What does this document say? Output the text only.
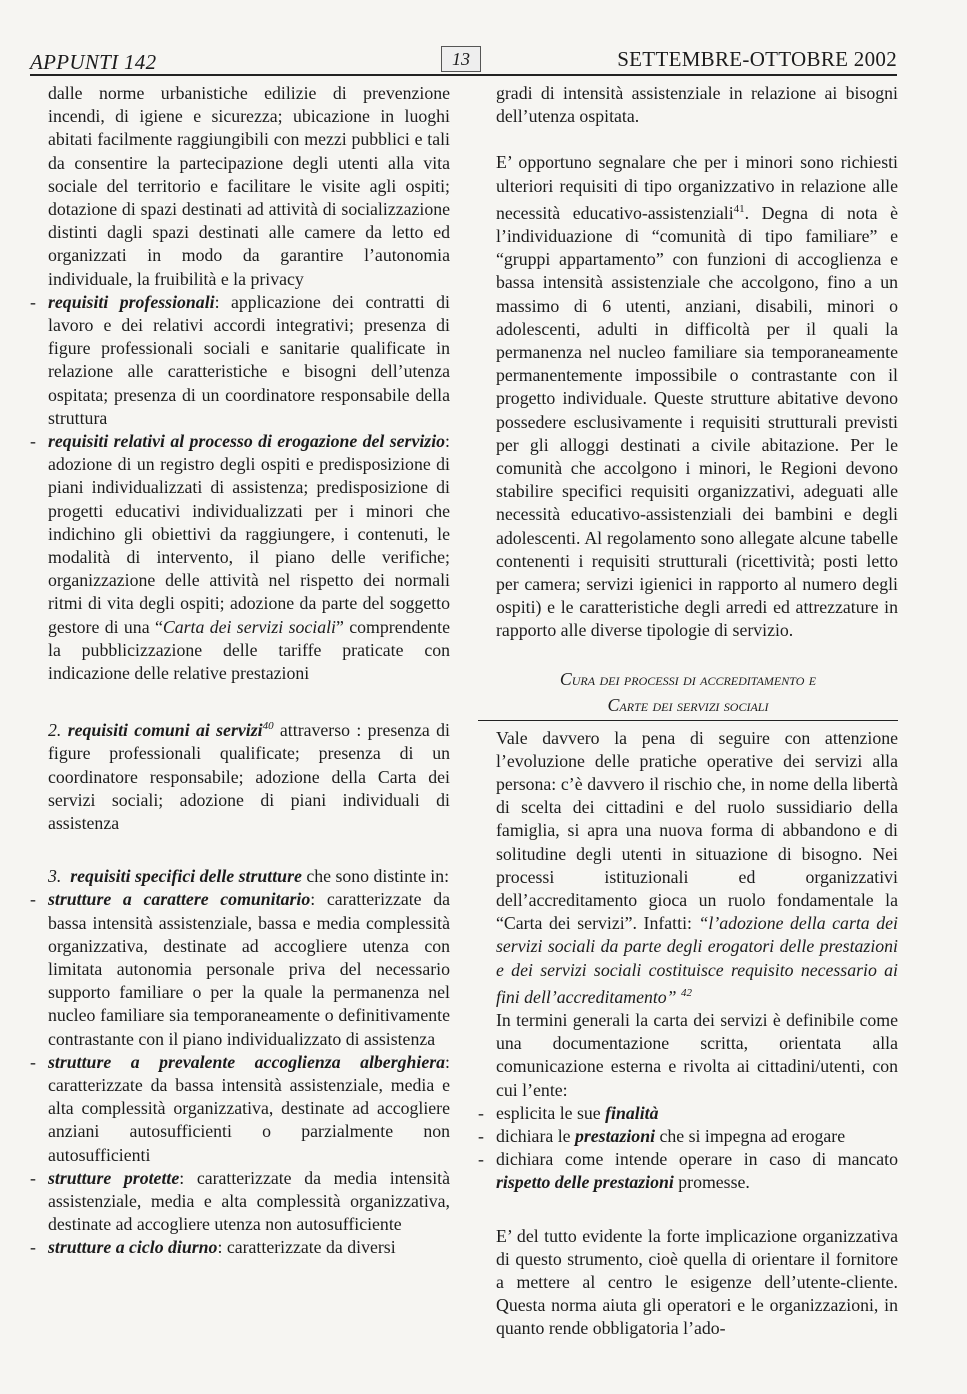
APPUNTI 142	13	SETTEMBRE-OTTOBRE 2002

dalle norme urbanistiche edilizie di prevenzione incendi, di igiene e sicurezza; ubicazione in luoghi abitati facilmente raggiungibili con mezzi pubblici e tali da consentire la partecipazione degli utenti alla vita sociale del territorio e facilitare le visite agli ospiti; dotazione di spazi destinati ad attività di socializzazione distinti dagli spazi destinati alle camere da letto ed organizzati in modo da garantire l’autonomia individuale, la fruibilità e la privacy

- requisiti professionali: applicazione dei contratti di lavoro e dei relativi accordi integrativi; presenza di figure professionali sociali e sanitarie qualificate in relazione alle caratteristiche e bisogni dell’utenza ospitata; presenza di un coordinatore responsabile della struttura
- requisiti relativi al processo di erogazione del servizio: adozione di un registro degli ospiti e predisposizione di piani individualizzati di assistenza; predisposizione di progetti educativi individualizzati per i minori che indichino gli obiettivi da raggiungere, i contenuti, le modalità di intervento, il piano delle verifiche; organizzazione delle attività nel rispetto dei normali ritmi di vita degli ospiti; adozione da parte del soggetto gestore di una “Carta dei servizi sociali” comprendente la pubblicizzazione delle tariffe praticate con indicazione delle relative prestazioni

2. requisiti comuni ai servizi$^{40}$ attraverso : presenza di figure professionali qualificate; presenza di un coordinatore responsabile; adozione della Carta dei servizi sociali; adozione di piani individuali di assistenza

3. requisiti specifici delle strutture che sono distinte in:

- strutture a carattere comunitario: caratterizzate da bassa intensità assistenziale, bassa e media complessità organizzativa, destinate ad accogliere utenza con limitata autonomia personale priva del necessario supporto familiare o per la quale la permanenza nel nucleo familiare sia temporaneamente o definitivamente contrastante con il piano individualizzato di assistenza
- strutture a prevalente accoglienza alberghiera: caratterizzate da bassa intensità assistenziale, media e alta complessità organizzativa, destinate ad accogliere anziani autosufficienti o parzialmente non autosufficienti
- strutture protette: caratterizzate da media intensità assistenziale, media e alta complessità organizzativa, destinate ad accogliere utenza non autosufficiente
- strutture a ciclo diurno: caratterizzate da diversi

gradi di intensità assistenziale in relazione ai bisogni dell’utenza ospitata.

E’ opportuno segnalare che per i minori sono richiesti ulteriori requisiti di tipo organizzativo in relazione alle necessità educativo-assistenziali$^{41}$. Degna di nota è l’individuazione di “comunità di tipo familiare” e “gruppi appartamento” con funzioni di accoglienza e bassa intensità assistenziale che accolgono, fino a un massimo di 6 utenti, anziani, disabili, minori o adolescenti, adulti in difficoltà per il quali la permanenza nel nucleo familiare sia temporaneamente permanentemente impossibile o contrastante con il progetto individuale. Queste strutture abitative devono possedere esclusivamente i requisiti strutturali previsti per gli alloggi destinati a civile abitazione. Per le comunità che accolgono i minori, le Regioni devono stabilire specifici requisiti organizzativi, adeguati alle necessità educativo-assistenziali dei bambini e degli adolescenti. Al regolamento sono allegate alcune tabelle contenenti i requisiti strutturali (ricettività; posti letto per camera; servizi igienici in rapporto al numero degli ospiti) e le caratteristiche degli arredi ed attrezzature in rapporto alle diverse tipologie di servizio.

Cura dei processi di accreditamento e

Carte dei servizi sociali

Vale davvero la pena di seguire con attenzione l’evoluzione delle pratiche operative dei servizi alla persona: c’è davvero il rischio che, in nome della libertà di scelta dei cittadini e del ruolo sussidiario della famiglia, si apra una nuova forma di abbandono e di solitudine degli utenti in situazione di bisogno. Nei processi istituzionali ed organizzativi dell’accreditamento gioca un ruolo fondamentale la “Carta dei servizi”. Infatti: “l’adozione della carta dei servizi sociali da parte degli erogatori delle prestazioni e dei servizi sociali costituisce requisito necessario ai fini dell’accreditamento” $^{42}$

In termini generali la carta dei servizi è definibile come una documentazione scritta, orientata alla comunicazione esterna e rivolta ai cittadini/utenti, con cui l’ente:

- esplicita le sue finalità
- dichiara le prestazioni che si impegna ad erogare
- dichiara come intende operare in caso di mancato rispetto delle prestazioni promesse.

E’ del tutto evidente la forte implicazione organizzativa di questo strumento, cioè quella di orientare il fornitore a mettere al centro le esigenze dell’utente-cliente. Questa norma aiuta gli operatori e le organizzazioni, in quanto rende obbligatoria l’ado-
